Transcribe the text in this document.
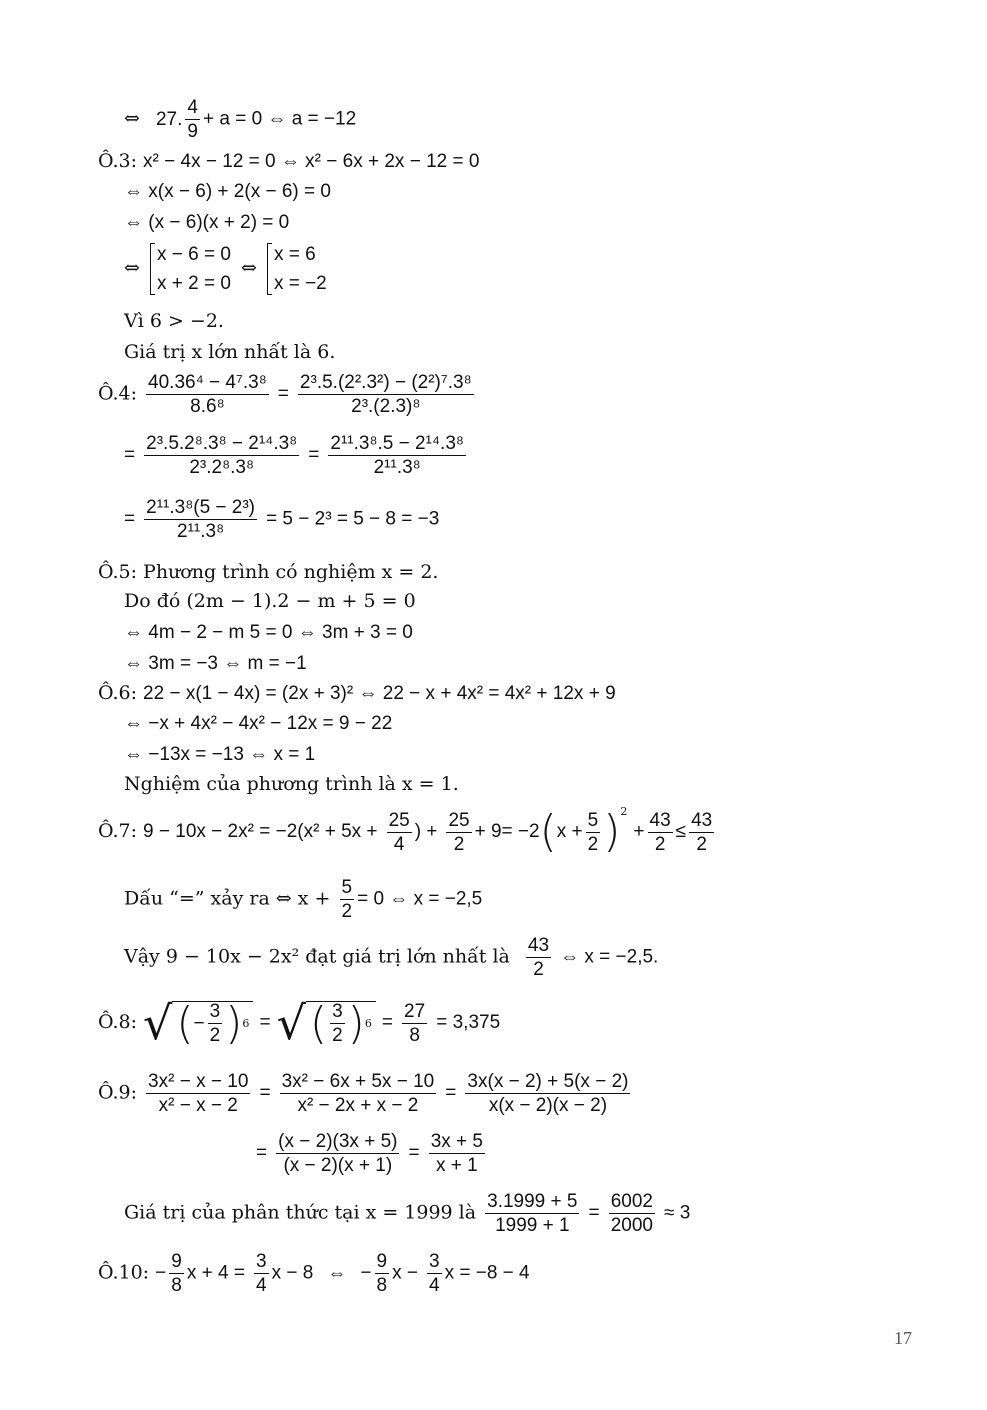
⇔ 27. $\frac{4}{9} + a = 0$ ⇔ a = −12
Ô.3: x² − 4x − 12 = 0 ⇔ x² − 6x + 2x − 12 = 0
⇔ x(x − 6) + 2(x − 6) = 0
⇔ (x − 6)(x + 2) = 0
⇔
x − 6 = 0
x + 2 = 0
⇔
x = 6
x = −2
Vì 6 > −2.
Giá trị x lớn nhất là 6.
Ô.4: $\frac{\text{40.36⁴ − 4⁷.3⁸}}{\text{8.6⁸}} = \frac{\text{2³.5.(2².3²) − (2²)⁷.3⁸}}{\text{2³.(2.3)⁸}}$
= $\frac{\text{2³.5.2⁸.3⁸ − 2¹⁴.3⁸}}{\text{2³.2⁸.3⁸}} = \frac{\text{2¹¹.3⁸.5 − 2¹⁴.3⁸}}{\text{2¹¹.3⁸}}$
= $\frac{\text{2¹¹.3⁸(5 − 2³)}}{\text{2¹¹.3⁸}} = 5 - 2^3 = 5 - 8 = -3$
Ô.5: Phương trình có nghiệm x = 2.
Do đó (2m − 1).2 − m + 5 = 0
⇔ 4m − 2 − m 5 = 0 ⇔ 3m + 3 = 0
⇔ 3m = −3 ⇔ m = −1
Ô.6: 22 − x(1 − 4x) = (2x + 3)² ⇔ 22 − x + 4x² = 4x² + 12x + 9
⇔ −x + 4x² − 4x² − 12x = 9 − 22
⇔ −13x = −13 ⇔ x = 1
Nghiệm của phương trình là x = 1.
Ô.7: $9 - 10x - 2x^2 = -2(x^2 + 5x + \frac{25}{4}$ ) + $\frac{25}{2} + 9= -2(x + \frac{5}{2} )^2 + \frac{43}{2} \le \frac{43}{2}$
Dấu “=” xảy ra ⇔ $x + \frac{5}{2} = 0$ ⇔ x = −2,5
Vậy 9 − 10x − 2x² đạt giá trị lớn nhất là $\frac{43}{2}$ ⇔ x = −2,5.
Ô.8: √ ( − $\frac{3}{2}$ ) 6 = √ ( 3
2 ) $6 = \frac{27}{8} = 3,375$
Ô.9: $\frac{\text{3x² − x − 10}}{\text{x² − x − 2}} = \frac{\text{3x² − 6x + 5x − 10}}{\text{x² − 2x + x − 2}} = \frac{3x(x - 2) + 5(x - 2)}{x(x - 2)(x - 2)}$
= $\frac{(x - 2)(3x + 5)}{(x - 2)(x + 1)} = \frac{3x + 5}{x + 1}$
Giá trị của phân thức tại x = 1999 là $\frac{3.1999 + 5}{1999 + 1} = \frac{6002}{2000} \approx 3$
Ô.10: − $\frac{9}{8}$ $x + 4 = \frac{3}{4}$ x − 8 ⇔ − $\frac{9}{8}$ $x - \frac{3}{4}$ x = −8 − 4
17
